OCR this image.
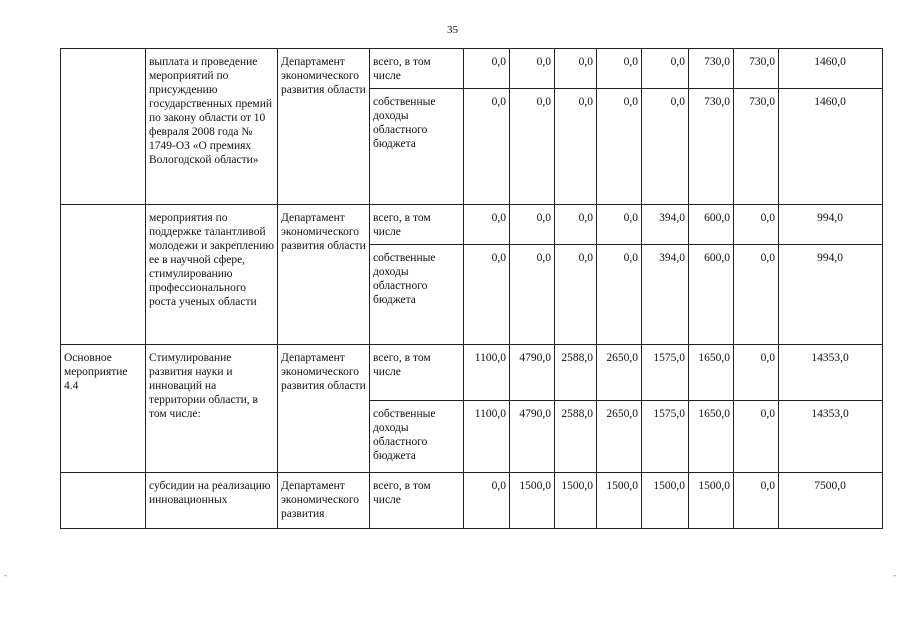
35
	выплата и проведение мероприятий по присуждению государственных премий по закону области от 10 февраля 2008 года № 1749-ОЗ «О премиях Вологодской области»	Департамент экономического развития области	всего, в том числе	0,0	0,0	0,0	0,0	0,0	730,0	730,0	1460,0
			собственные доходы областного бюджета	0,0	0,0	0,0	0,0	0,0	730,0	730,0	1460,0
	мероприятия по поддержке талантливой молодежи и закреплению ее в научной сфере, стимулированию профессионального роста ученых области	Департамент экономического развития области	всего, в том числе	0,0	0,0	0,0	0,0	394,0	600,0	0,0	994,0
			собственные доходы областного бюджета	0,0	0,0	0,0	0,0	394,0	600,0	0,0	994,0
Основное мероприятие 4.4	Стимулирование развития науки и инноваций на территории области, в том числе:	Департамент экономического развития области	всего, в том числе	1100,0	4790,0	2588,0	2650,0	1575,0	1650,0	0,0	14353,0
			собственные доходы областного бюджета	1100,0	4790,0	2588,0	2650,0	1575,0	1650,0	0,0	14353,0
	субсидии на реализацию инновационных	Департамент экономического развития	всего, в том числе	0,0	1500,0	1500,0	1500,0	1500,0	1500,0	0,0	7500,0
-	-
